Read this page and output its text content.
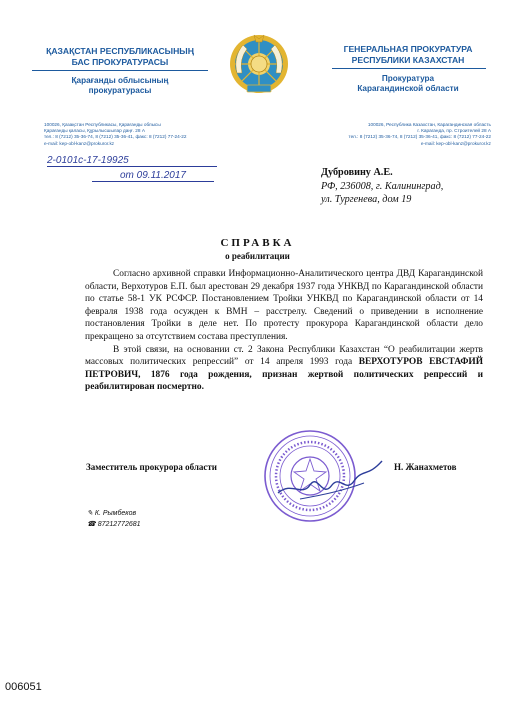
ҚАЗАҚСТАН РЕСПУБЛИКАСЫНЫҢ
БАС ПРОКУРАТУРАСЫ
Қарағанды облысының
прокуратурасы
ГЕНЕРАЛЬНАЯ ПРОКУРАТУРА
РЕСПУБЛИКИ КАЗАХСТАН
Прокуратура
Карагандинской области
100026, Қазақстан Республикасы, Қарағанды облысы
Қарағанды қаласы, Құрылысшылар даңғ. 28 А
тел.: 8 (7212) 35-36-74, 8 (7212) 35-36-41, факс: 8 (7212) 77-24-22
e-mail: kep-obl-kanz@prokuror.kz
100026, Республика Казахстан, Карагандинская область
г. Караганда, пр. Строителей 28 А
тел.: 8 (7212) 35-36-74, 8 (7212) 35-36-41, факс: 8 (7212) 77-24-22
e-mail: kep-obl-kanz@prokuror.kz
2-0101с-17-19925
от 09.11.2017	Дубровину А.Е.
РФ, 236008, г. Калининград,
ул. Тургенева, дом 19
СПРАВКА
о реабилитации

Согласно архивной справки Информационно-Аналитического центра ДВД Карагандинской области, Верхотуров Е.П. был арестован 29 декабря 1937 года УНКВД по Карагандинской области по статье 58-1 УК РСФСР. Постановлением Тройки УНКВД по Карагандинской области от 14 февраля 1938 года осужден к ВМН – расстрелу. Сведений о приведении в исполнение постановления Тройки в деле нет. По протесту прокурора Карагандинской области дело прекращено за отсутствием состава преступления.

В этой связи, на основании ст. 2 Закона Республики Казахстан “О реабилитации жертв массовых политических репрессий” от 14 апреля 1993 года ВЕРХОТУРОВ ЕВСТАФИЙ ПЕТРОВИЧ, 1876 года рождения, признан жертвой политических репрессий и реабилитирован посмертно.

Заместитель прокурора области	Н. Жанахметов
✎ К. Рымбеков
☎ 87212772681
006051
